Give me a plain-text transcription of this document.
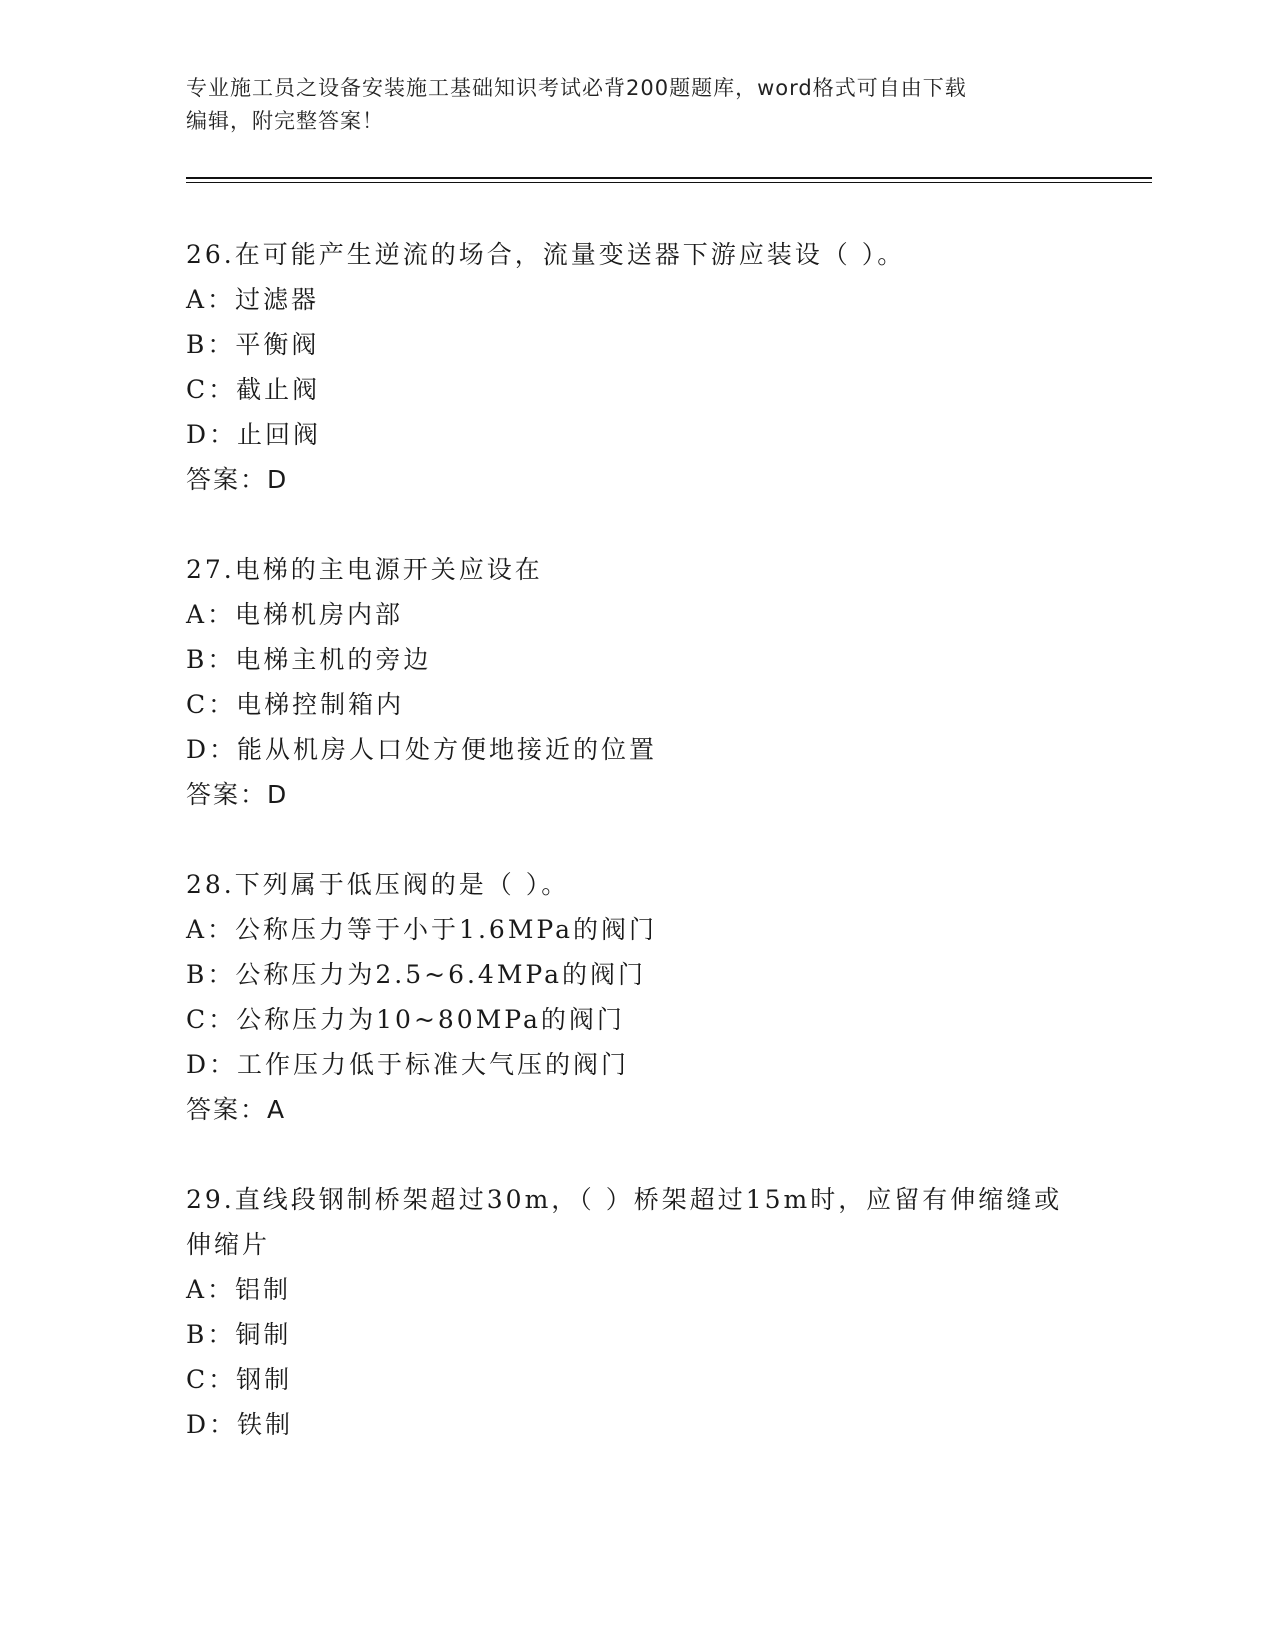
专业施工员之设备安装施工基础知识考试必背200题题库，word格式可自由下载
编辑，附完整答案！
26.在可能产生逆流的场合，流量变送器下游应装设（ ）。
A：过滤器
B：平衡阀
C：截止阀
D：止回阀
答案：D
27.电梯的主电源开关应设在
A：电梯机房内部
B：电梯主机的旁边
C：电梯控制箱内
D：能从机房人口处方便地接近的位置
答案：D
28.下列属于低压阀的是（ ）。
A：公称压力等于小于1.6MPa的阀门
B：公称压力为2.5~6.4MPa的阀门
C：公称压力为10~80MPa的阀门
D：工作压力低于标准大气压的阀门
答案：A
29.直线段钢制桥架超过30m，（ ）桥架超过15m时，应留有伸缩缝或
伸缩片
A：铝制
B：铜制
C：钢制
D：铁制
